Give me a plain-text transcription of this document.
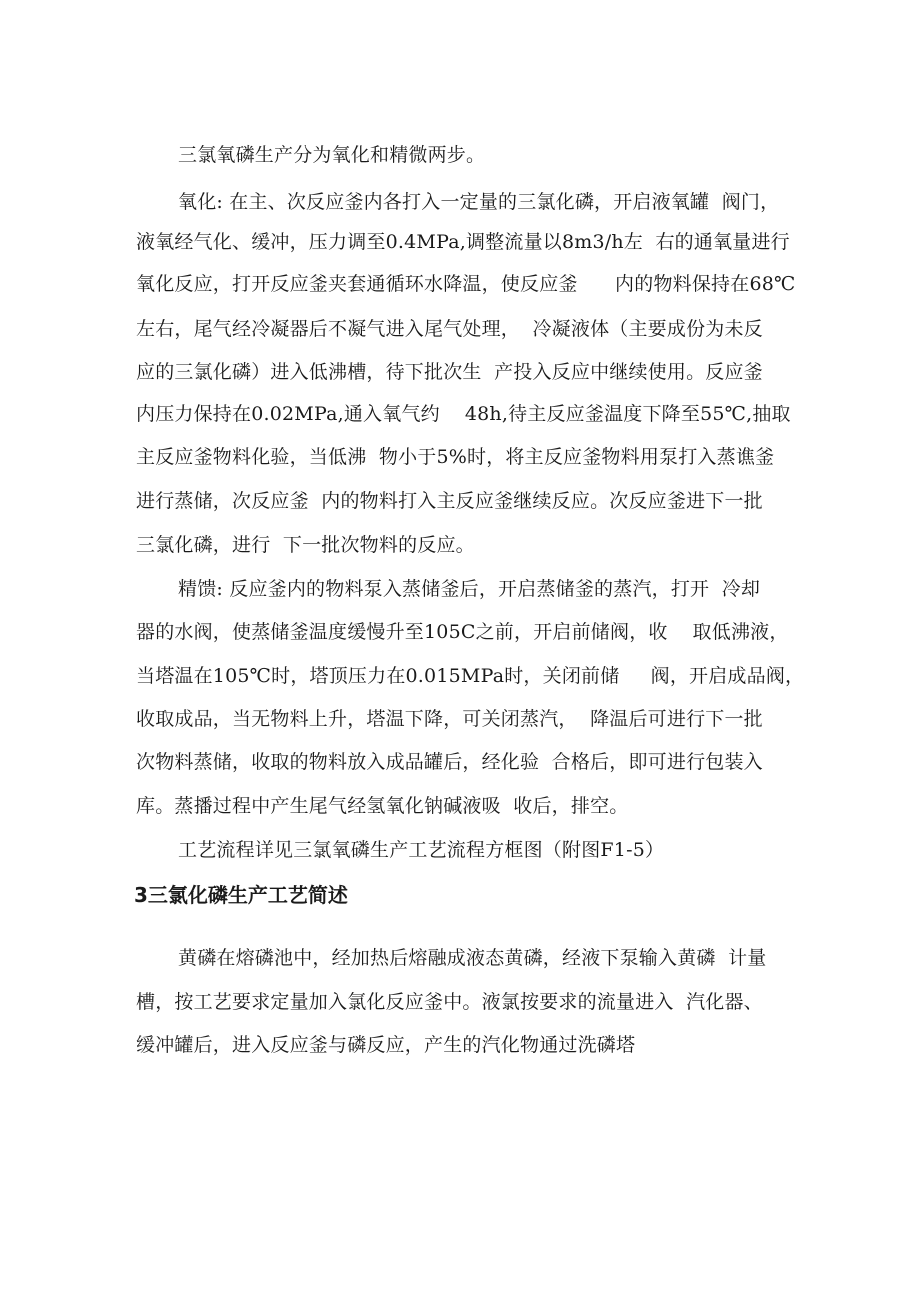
三氯氧磷生产分为氧化和精微两步。
氧化: 在主、次反应釜内各打入一定量的三氯化磷，开启液氧罐  阀门，
液氧经气化、缓冲，压力调至0.4MPa,调整流量以8m3/h左  右的通氧量进行
氧化反应，打开反应釜夹套通循环水降温，使反应釜      内的物料保持在68℃
左右，尾气经冷凝器后不凝气进入尾气处理，  冷凝液体（主要成份为未反
应的三氯化磷）进入低沸槽，待下批次生  产投入反应中继续使用。反应釜
内压力保持在0.02MPa,通入氧气约    48h,待主反应釜温度下降至55℃,抽取
主反应釜物料化验，当低沸  物小于5%时，将主反应釜物料用泵打入蒸谯釜
进行蒸储，次反应釜  内的物料打入主反应釜继续反应。次反应釜进下一批
三氯化磷，进行  下一批次物料的反应。
精馈: 反应釜内的物料泵入蒸储釜后，开启蒸储釜的蒸汽，打开  冷却
器的水阀，使蒸储釜温度缓慢升至105C之前，开启前储阀，收    取低沸液，
当塔温在105℃时，塔顶压力在0.015MPa时，关闭前储     阀，开启成品阀，
收取成品，当无物料上升，塔温下降，可关闭蒸汽，  降温后可进行下一批
次物料蒸储，收取的物料放入成品罐后，经化验  合格后，即可进行包装入
库。蒸播过程中产生尾气经氢氧化钠碱液吸  收后，排空。
工艺流程详见三氯氧磷生产工艺流程方框图（附图F1-5）
3三氯化磷生产工艺简述
黄磷在熔磷池中，经加热后熔融成液态黄磷，经液下泵输入黄磷  计量
槽，按工艺要求定量加入氯化反应釜中。液氯按要求的流量进入  汽化器、
缓冲罐后，进入反应釜与磷反应，产生的汽化物通过洗磷塔
